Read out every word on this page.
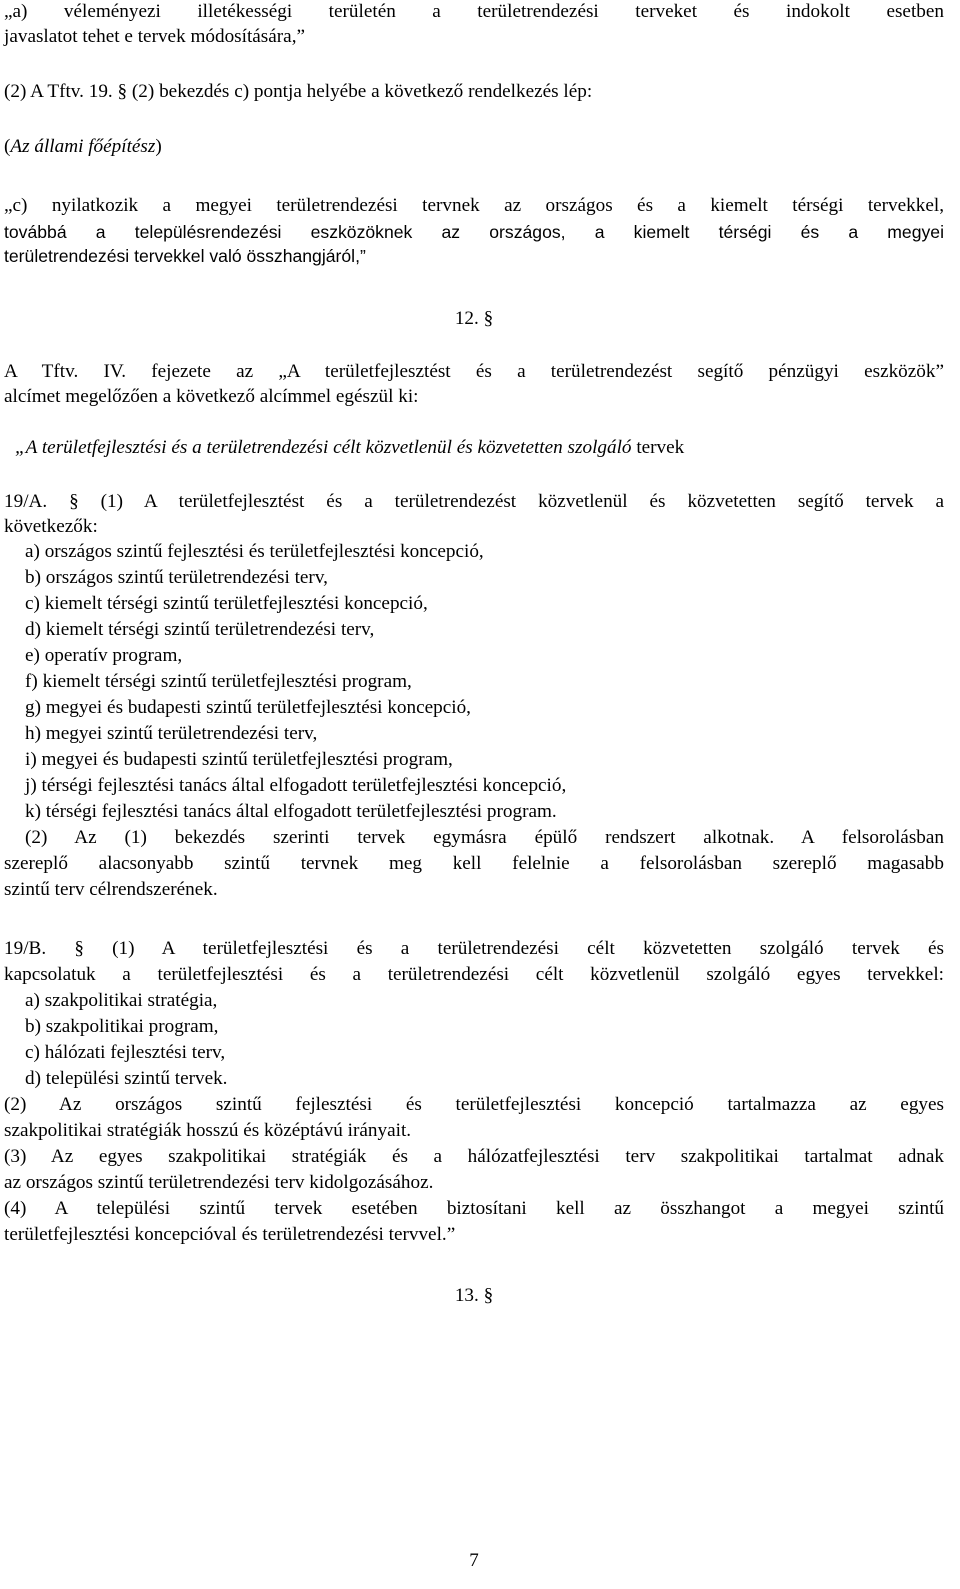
„a) véleményezi illetékességi területén a területrendezési terveket és indokolt esetben
javaslatot tehet e tervek módosítására,”
(2) A Tftv. 19. § (2) bekezdés c) pontja helyébe a következő rendelkezés lép:
(Az állami főépítész)
„c) nyilatkozik a megyei területrendezési tervnek az országos és a kiemelt térségi tervekkel,
továbbá a településrendezési eszközöknek az országos, a kiemelt térségi és a megyei
területrendezési tervekkel való összhangjáról,”
12. §
A Tftv. IV. fejezete az „A területfejlesztést és a területrendezést segítő pénzügyi eszközök”
alcímet megelőzően a következő alcímmel egészül ki:
„A területfejlesztési és a területrendezési célt közvetlenül és közvetetten szolgáló tervek
19/A. § (1) A területfejlesztést és a területrendezést közvetlenül és közvetetten segítő tervek a
következők:
a) országos szintű fejlesztési és területfejlesztési koncepció,
b) országos szintű területrendezési terv,
c) kiemelt térségi szintű területfejlesztési koncepció,
d) kiemelt térségi szintű területrendezési terv,
e) operatív program,
f) kiemelt térségi szintű területfejlesztési program,
g) megyei és budapesti szintű területfejlesztési koncepció,
h) megyei szintű területrendezési terv,
i) megyei és budapesti szintű területfejlesztési program,
j) térségi fejlesztési tanács által elfogadott területfejlesztési koncepció,
k) térségi fejlesztési tanács által elfogadott területfejlesztési program.
(2) Az (1) bekezdés szerinti tervek egymásra épülő rendszert alkotnak. A felsorolásban
szereplő alacsonyabb szintű tervnek meg kell felelnie a felsorolásban szereplő magasabb
szintű terv célrendszerének.
19/B. § (1) A területfejlesztési és a területrendezési célt közvetetten szolgáló tervek és
kapcsolatuk a területfejlesztési és a területrendezési célt közvetlenül szolgáló egyes tervekkel:
a) szakpolitikai stratégia,
b) szakpolitikai program,
c) hálózati fejlesztési terv,
d) települési szintű tervek.
(2) Az országos szintű fejlesztési és területfejlesztési koncepció tartalmazza az egyes
szakpolitikai stratégiák hosszú és középtávú irányait.
(3) Az egyes szakpolitikai stratégiák és a hálózatfejlesztési terv szakpolitikai tartalmat adnak
az országos szintű területrendezési terv kidolgozásához.
(4) A települési szintű tervek esetében biztosítani kell az összhangot a megyei szintű
területfejlesztési koncepcióval és területrendezési tervvel.”
13. §
7
